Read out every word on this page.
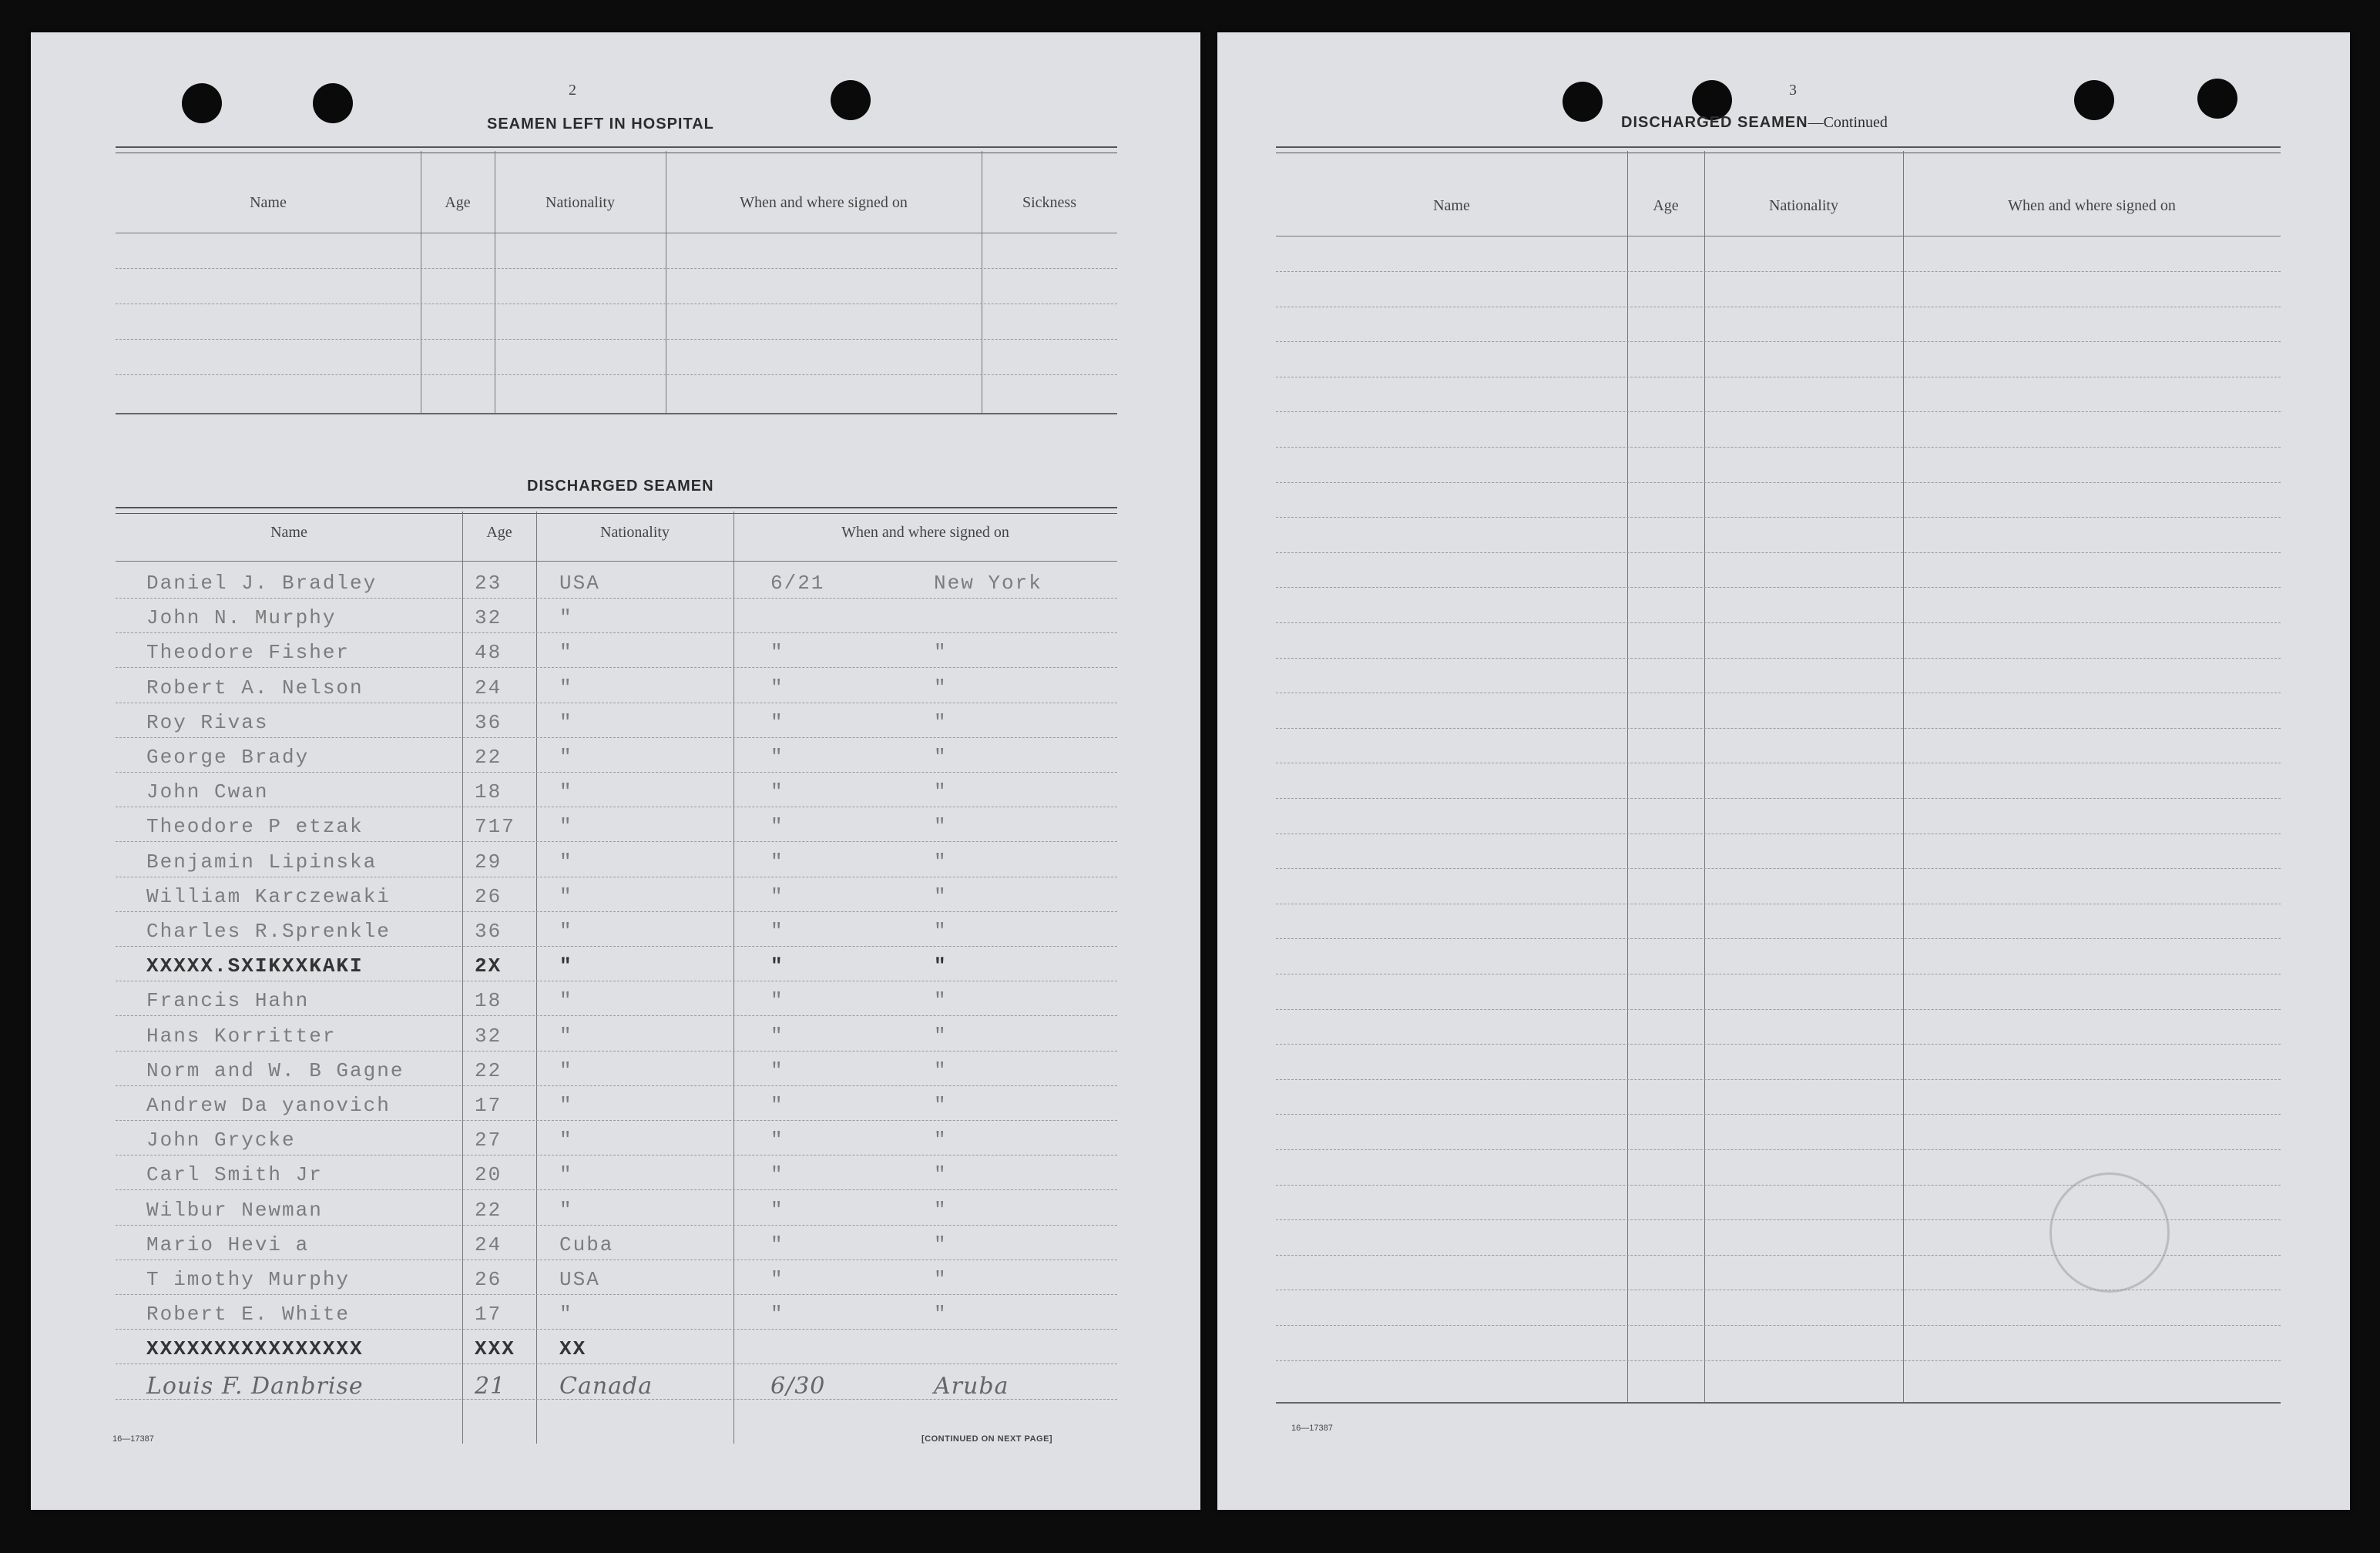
2
SEAMEN LEFT IN HOSPITAL
Name	Age	Nationality	When and where signed on	Sickness
DISCHARGED SEAMEN
Name	Age	Nationality	When and where signed on
Daniel J. Bradley	23	USA	6/21	New York
John N. Murphy	32	"
Theodore Fisher	48	"	"	"
Robert A. Nelson	24	"	"	"
Roy Rivas	36	"	"	"
George Brady	22	"	"	"
John Cwan	18	"	"	"
Theodore P etzak	717 "	"	"
Benjamin Lipinska	29	"	"	"
William Karczewaki	26	"	"	"
Charles R.Sprenkle	36	"	"	"
XXXXX.SXIKXXKAKI	2X	"	"	"
Francis Hahn	18	"	"	"
Hans Korritter	32	"	"	"
Norm and W. B Gagne	22	"	"	"
Andrew Da yanovich	17	"	"	"
John Grycke	27	"	"	"
Carl Smith Jr	20	"	"	"
Wilbur Newman	22	"	"	"
Mario Hevi a	24	Cuba	"	"
T imothy Murphy	26	USA	"	"
Robert E. White	17	"	"	"
XXXXXXXXXXXXXXXX	XXX XX
Louis F. Danbrise	21 Canada	6/30	Aruba
16—17387	[CONTINUED ON NEXT PAGE]
3
DISCHARGED SEAMEN—Continued
Name	Age	Nationality	When and where signed on
16—17387
